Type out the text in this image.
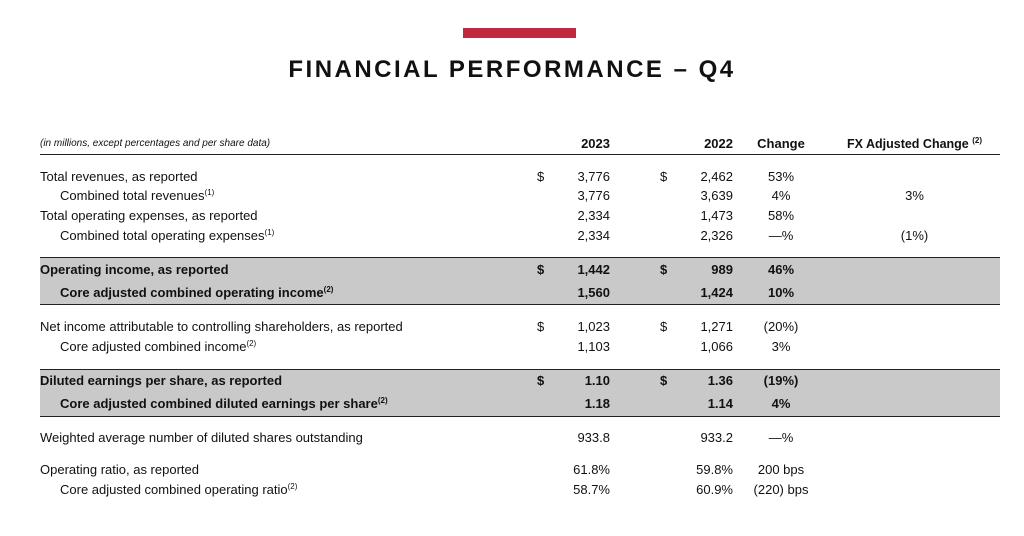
FINANCIAL PERFORMANCE – Q4
(in millions, except percentages and per share data)		2023			2022	Change	FX Adjusted Change $^{(2)}$

Total revenues, as reported	$	3,776		$	2,462	53%	
Combined total revenues$^{(1)}$		3,776			3,639	4%	3%
Total operating expenses, as reported		2,334			1,473	58%	
Combined total operating expenses$^{(1)}$		2,334			2,326	—%	(1%)

Operating income, as reported	$	1,442		$	989	46%	
Core adjusted combined operating income$^{(2)}$		1,560			1,424	10%	

Net income attributable to controlling shareholders, as reported	$	1,023		$	1,271	(20%)	
Core adjusted combined income$^{(2)}$		1,103			1,066	3%	

Diluted earnings per share, as reported	$	1.10		$	1.36	(19%)	
Core adjusted combined diluted earnings per share$^{(2)}$		1.18			1.14	4%	

Weighted average number of diluted shares outstanding		933.8			933.2	—%	

Operating ratio, as reported		61.8%			59.8%	200 bps	
Core adjusted combined operating ratio$^{(2)}$		58.7%			60.9%	(220) bps	
